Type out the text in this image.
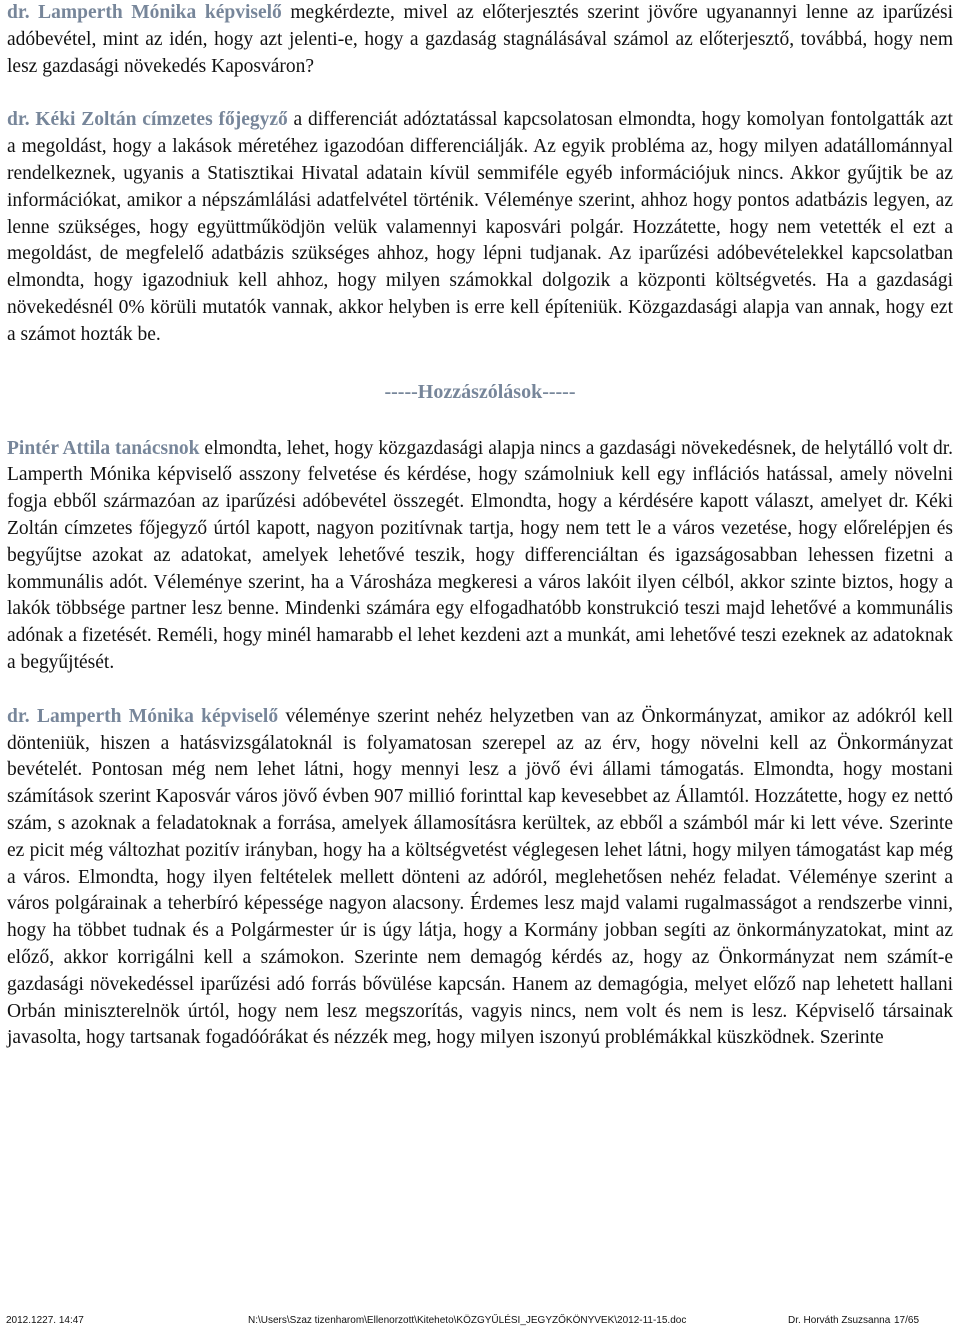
dr. Lamperth Mónika képviselő megkérdezte, mivel az előterjesztés szerint jövőre ugyanannyi lenne az iparűzési adóbevétel, mint az idén, hogy azt jelenti-e, hogy a gazdaság stagnálásával számol az előterjesztő, továbbá, hogy nem lesz gazdasági növekedés Kaposváron?

dr. Kéki Zoltán címzetes főjegyző a differenciát adóztatással kapcsolatosan elmondta, hogy komolyan fontolgatták azt a megoldást, hogy a lakások méretéhez igazodóan differenciálják. Az egyik probléma az, hogy milyen adatállománnyal rendelkeznek, ugyanis a Statisztikai Hivatal adatain kívül semmiféle egyéb információjuk nincs. Akkor gyűjtik be az információkat, amikor a népszámlálási adatfelvétel történik. Véleménye szerint, ahhoz hogy pontos adatbázis legyen, az lenne szükséges, hogy együttműködjön velük valamennyi kaposvári polgár. Hozzátette, hogy nem vetették el ezt a megoldást, de megfelelő adatbázis szükséges ahhoz, hogy lépni tudjanak. Az iparűzési adóbevételekkel kapcsolatban elmondta, hogy igazodniuk kell ahhoz, hogy milyen számokkal dolgozik a központi költségvetés. Ha a gazdasági növekedésnél 0% körüli mutatók vannak, akkor helyben is erre kell építeniük. Közgazdasági alapja van annak, hogy ezt a számot hozták be.

-----Hozzászólások-----

Pintér Attila tanácsnok elmondta, lehet, hogy közgazdasági alapja nincs a gazdasági növekedésnek, de helytálló volt dr. Lamperth Mónika képviselő asszony felvetése és kérdése, hogy számolniuk kell egy inflációs hatással, amely növelni fogja ebből származóan az iparűzési adóbevétel összegét. Elmondta, hogy a kérdésére kapott választ, amelyet dr. Kéki Zoltán címzetes főjegyző úrtól kapott, nagyon pozitívnak tartja, hogy nem tett le a város vezetése, hogy előrelépjen és begyűjtse azokat az adatokat, amelyek lehetővé teszik, hogy differenciáltan és igazságosabban lehessen fizetni a kommunális adót. Véleménye szerint, ha a Városháza megkeresi a város lakóit ilyen célból, akkor szinte biztos, hogy a lakók többsége partner lesz benne. Mindenki számára egy elfogadhatóbb konstrukció teszi majd lehetővé a kommunális adónak a fizetését. Reméli, hogy minél hamarabb el lehet kezdeni azt a munkát, ami lehetővé teszi ezeknek az adatoknak a begyűjtését.

dr. Lamperth Mónika képviselő véleménye szerint nehéz helyzetben van az Önkormányzat, amikor az adókról kell dönteniük, hiszen a hatásvizsgálatoknál is folyamatosan szerepel az az érv, hogy növelni kell az Önkormányzat bevételét. Pontosan még nem lehet látni, hogy mennyi lesz a jövő évi állami támogatás. Elmondta, hogy mostani számítások szerint Kaposvár város jövő évben 907 millió forinttal kap kevesebbet az Államtól. Hozzátette, hogy ez nettó szám, s azoknak a feladatoknak a forrása, amelyek államosításra kerültek, az ebből a számból már ki lett véve. Szerinte ez picit még változhat pozitív irányban, hogy ha a költségvetést véglegesen lehet látni, hogy milyen támogatást kap még a város. Elmondta, hogy ilyen feltételek mellett dönteni az adóról, meglehetősen nehéz feladat. Véleménye szerint a város polgárainak a teherbíró képessége nagyon alacsony. Érdemes lesz majd valami rugalmasságot a rendszerbe vinni, hogy ha többet tudnak és a Polgármester úr is úgy látja, hogy a Kormány jobban segíti az önkormányzatokat, mint az előző, akkor korrigálni kell a számokon. Szerinte nem demagóg kérdés az, hogy az Önkormányzat nem számít-e gazdasági növekedéssel iparűzési adó forrás bővülése kapcsán. Hanem az demagógia, melyet előző nap lehetett hallani Orbán miniszterelnök úrtól, hogy nem lesz megszorítás, vagyis nincs, nem volt és nem is lesz. Képviselő társainak javasolta, hogy tartsanak fogadóórákat és nézzék meg, hogy milyen iszonyú problémákkal küszködnek. Szerinte

2012.1227. 14:47	N:\Users\Szaz tizenharom\Ellenorzott\Kiteheto\KÖZGYŰLÉSI_JEGYZŐKÖNYVEK\2012-11-15.doc	Dr. Horváth Zsuzsanna 17/65
